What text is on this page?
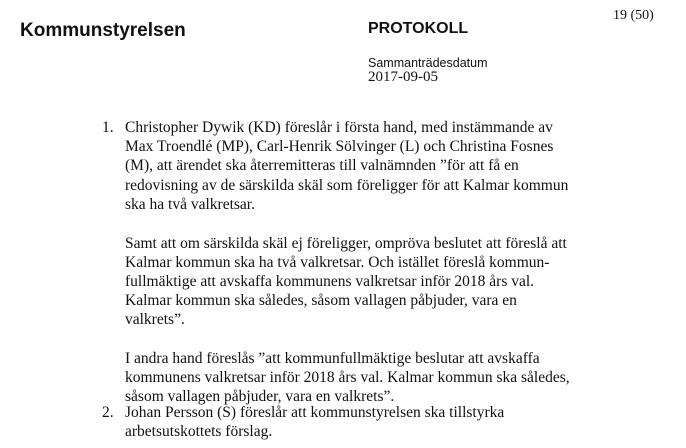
19 (50)
Kommunstyrelsen	PROTOKOLL
Sammanträdesdatum
2017-09-05
1. Christopher Dywik (KD) föreslår i första hand, med instämmande av
Max Troendlé (MP), Carl-Henrik Sölvinger (L) och Christina Fosnes
(M), att ärendet ska återremitteras till valnämnden ”för att få en
redovisning av de särskilda skäl som föreligger för att Kalmar kommun
ska ha två valkretsar.

Samt att om särskilda skäl ej föreligger, ompröva beslutet att föreslå att
Kalmar kommun ska ha två valkretsar. Och istället föreslå kommun-
fullmäktige att avskaffa kommunens valkretsar inför 2018 års val.
Kalmar kommun ska således, såsom vallagen påbjuder, vara en
valkrets”.

I andra hand föreslås ”att kommunfullmäktige beslutar att avskaffa
kommunens valkretsar inför 2018 års val. Kalmar kommun ska således,
såsom vallagen påbjuder, vara en valkrets”.

2. Johan Persson (S) föreslår att kommunstyrelsen ska tillstyrka
arbetsutskottets förslag.
